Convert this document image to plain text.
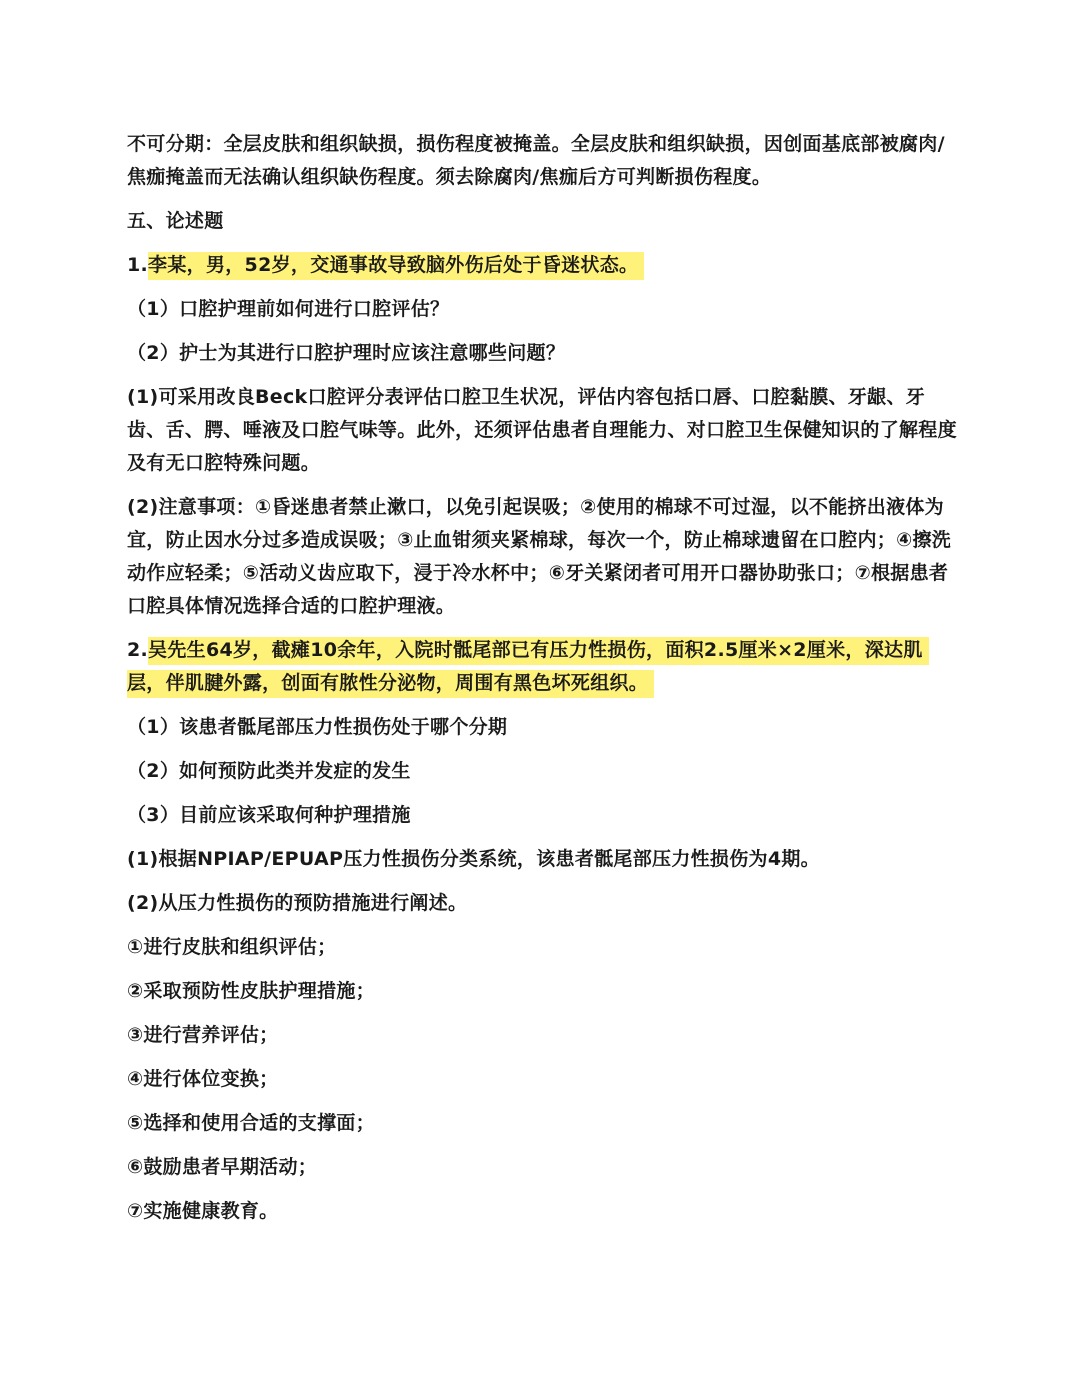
不可分期：全层皮肤和组织缺损，损伤程度被掩盖。全层皮肤和组织缺损，因创面基底部被腐肉/焦痂掩盖而无法确认组织缺伤程度。须去除腐肉/焦痂后方可判断损伤程度。

五、论述题

1.李某，男，52岁，交通事故导致脑外伤后处于昏迷状态。

（1）口腔护理前如何进行口腔评估？

（2）护士为其进行口腔护理时应该注意哪些问题？

(1)可采用改良Beck口腔评分表评估口腔卫生状况，评估内容包括口唇、口腔黏膜、牙龈、牙齿、舌、腭、唾液及口腔气味等。此外，还须评估患者自理能力、对口腔卫生保健知识的了解程度及有无口腔特殊问题。

(2)注意事项：①昏迷患者禁止漱口，以免引起误吸；②使用的棉球不可过湿，以不能挤出液体为宜，防止因水分过多造成误吸；③止血钳须夹紧棉球，每次一个，防止棉球遗留在口腔内；④擦洗动作应轻柔；⑤活动义齿应取下，浸于冷水杯中；⑥牙关紧闭者可用开口器协助张口；⑦根据患者口腔具体情况选择合适的口腔护理液。

2.吴先生64岁，截瘫10余年，入院时骶尾部已有压力性损伤，面积2.5厘米×2厘米，深达肌层，伴肌腱外露，创面有脓性分泌物，周围有黑色坏死组织。

（1）该患者骶尾部压力性损伤处于哪个分期

（2）如何预防此类并发症的发生

（3）目前应该采取何种护理措施

(1)根据NPIAP/EPUAP压力性损伤分类系统，该患者骶尾部压力性损伤为4期。

(2)从压力性损伤的预防措施进行阐述。

①进行皮肤和组织评估；

②采取预防性皮肤护理措施；

③进行营养评估；

④进行体位变换；

⑤选择和使用合适的支撑面；

⑥鼓励患者早期活动；

⑦实施健康教育。
